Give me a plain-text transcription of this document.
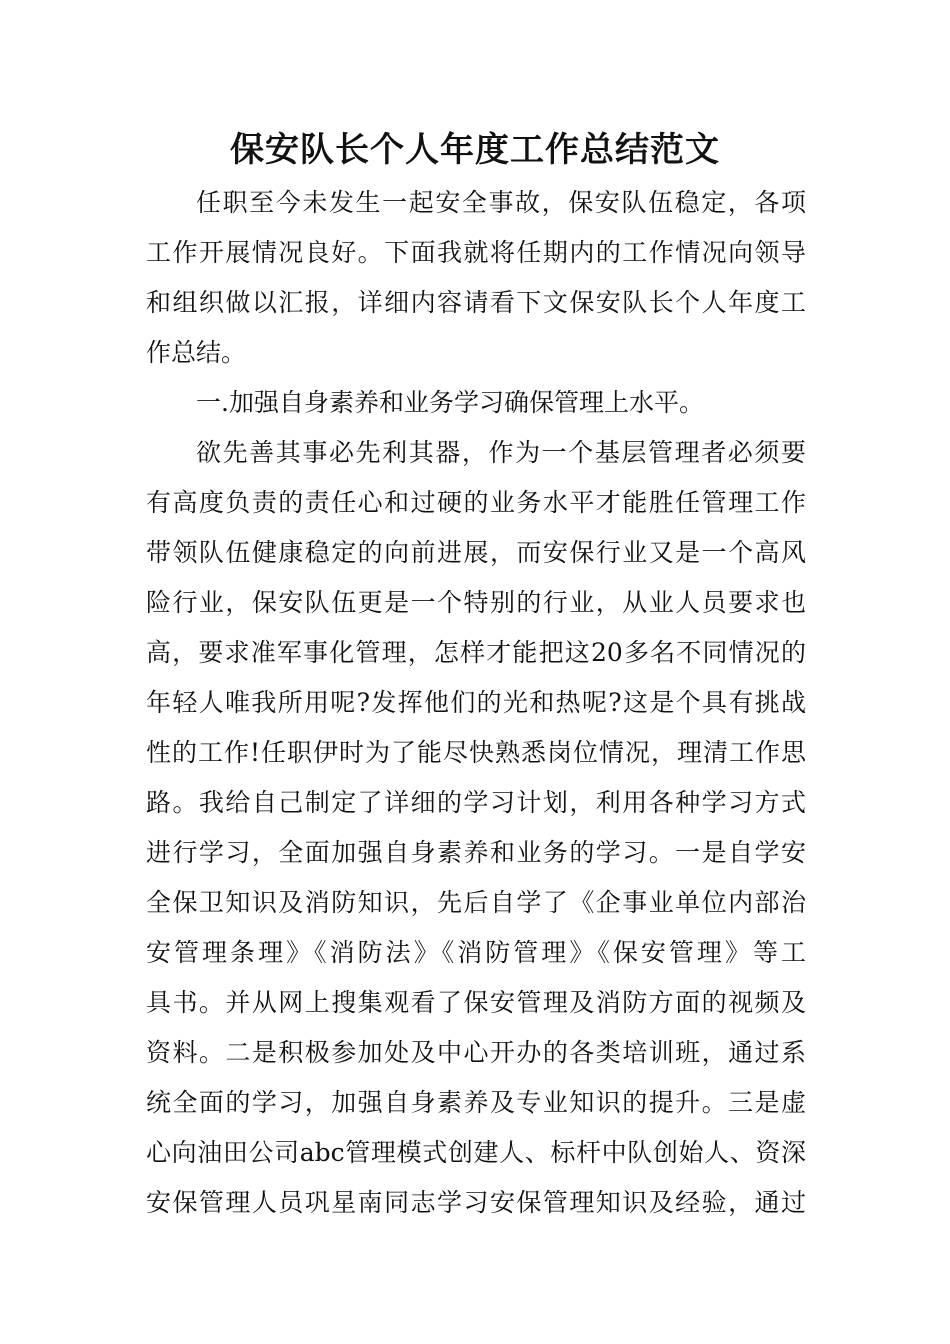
保安队长个人年度工作总结范文
任职至今未发生一起安全事故，保安队伍稳定，各项
工作开展情况良好。下面我就将任期内的工作情况向领导
和组织做以汇报，详细内容请看下文保安队长个人年度工
作总结。
一.加强自身素养和业务学习确保管理上水平。
欲先善其事必先利其器，作为一个基层管理者必须要
有高度负责的责任心和过硬的业务水平才能胜任管理工作
带领队伍健康稳定的向前进展，而安保行业又是一个高风
险行业，保安队伍更是一个特别的行业，从业人员要求也
高，要求准军事化管理，怎样才能把这20多名不同情况的
年轻人唯我所用呢?发挥他们的光和热呢?这是个具有挑战
性的工作!任职伊时为了能尽快熟悉岗位情况，理清工作思
路。我给自己制定了详细的学习计划，利用各种学习方式
进行学习，全面加强自身素养和业务的学习。一是自学安
全保卫知识及消防知识，先后自学了《企事业单位内部治
安管理条理》《消防法》《消防管理》《保安管理》等工
具书。并从网上搜集观看了保安管理及消防方面的视频及
资料。二是积极参加处及中心开办的各类培训班，通过系
统全面的学习，加强自身素养及专业知识的提升。三是虚
心向油田公司abc管理模式创建人、标杆中队创始人、资深
安保管理人员巩星南同志学习安保管理知识及经验，通过
